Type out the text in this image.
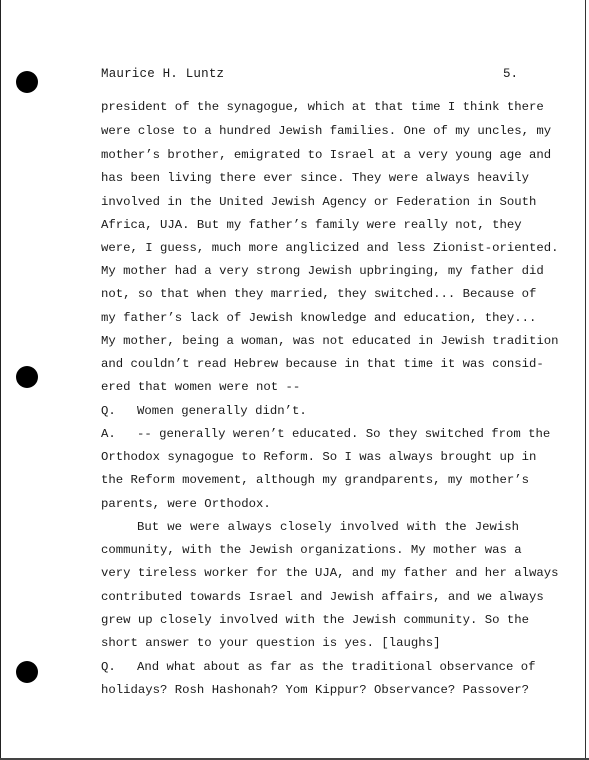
Maurice H. Luntz	5.
president of the synagogue, which at that time I think there
were close to a hundred Jewish families. One of my uncles, my
mother’s brother, emigrated to Israel at a very young age and
has been living there ever since. They were always heavily
involved in the United Jewish Agency or Federation in South
Africa, UJA. But my father’s family were really not, they
were, I guess, much more anglicized and less Zionist-oriented.
My mother had a very strong Jewish upbringing, my father did
not, so that when they married, they switched... Because of
my father’s lack of Jewish knowledge and education, they...
My mother, being a woman, was not educated in Jewish tradition
and couldn’t read Hebrew because in that time it was consid-
ered that women were not --
Q. Women generally didn’t.
A. -- generally weren’t educated. So they switched from the
Orthodox synagogue to Reform. So I was always brought up in
the Reform movement, although my grandparents, my mother’s
parents, were Orthodox.
But we were always closely involved with the Jewish
community, with the Jewish organizations. My mother was a
very tireless worker for the UJA, and my father and her always
contributed towards Israel and Jewish affairs, and we always
grew up closely involved with the Jewish community. So the
short answer to your question is yes. [laughs]
Q. And what about as far as the traditional observance of
holidays? Rosh Hashonah? Yom Kippur? Observance? Passover?
